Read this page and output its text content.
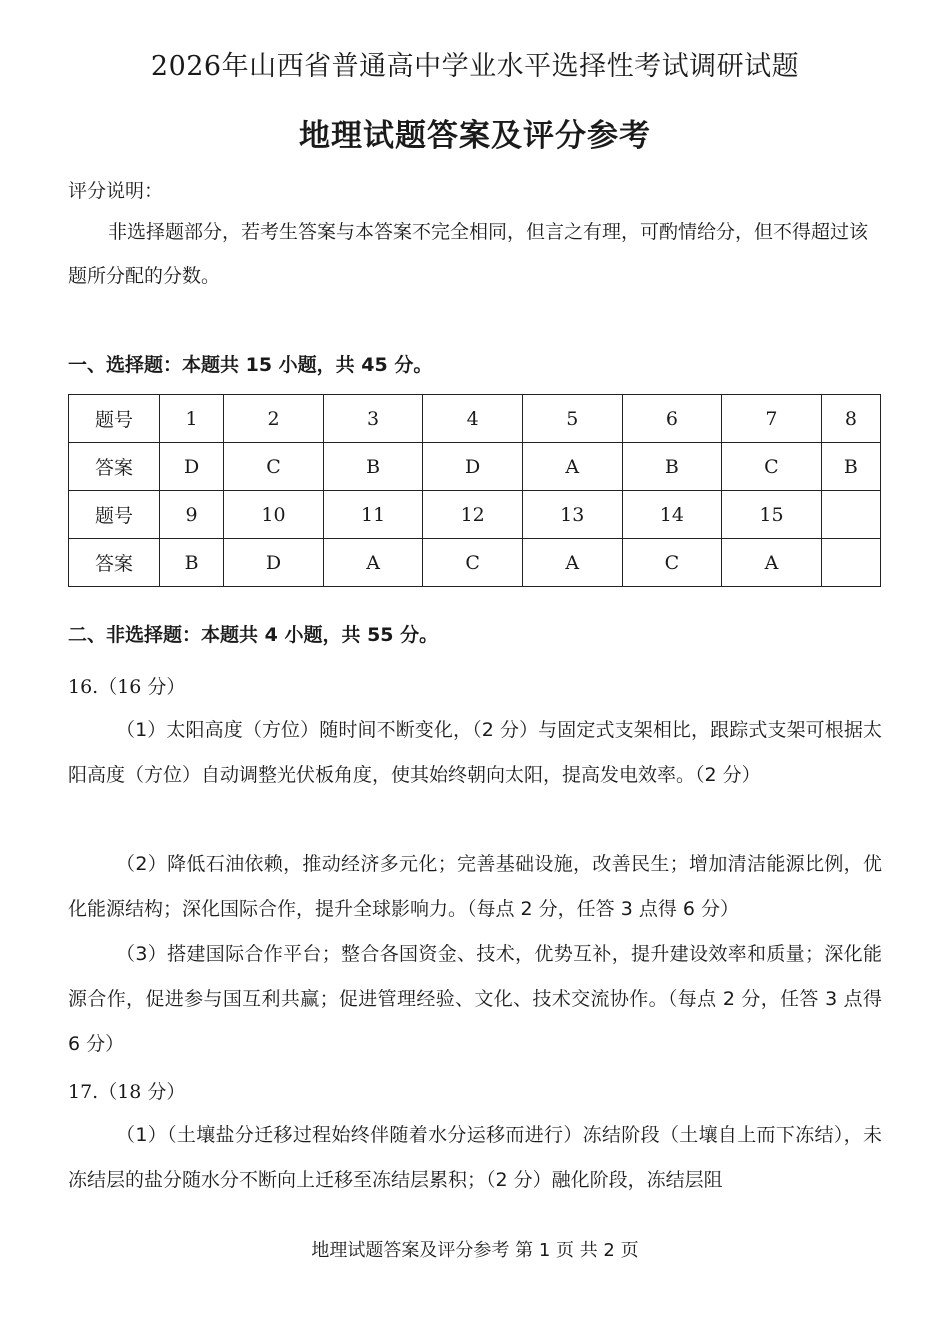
2026年山西省普通高中学业水平选择性考试调研试题
地理试题答案及评分参考
评分说明：
非选择题部分，若考生答案与本答案不完全相同，但言之有理，可酌情给分，但不得超过该题所分配的分数。
一、选择题：本题共 15 小题，共 45 分。
题号	1	2	3	4	5	6	7	8
答案	D	C	B	D	A	B	C	B
题号	9	10	11	12	13	14	15	
答案	B	D	A	C	A	C	A	
二、非选择题：本题共 4 小题，共 55 分。
16.（16 分）
（1）太阳高度（方位）随时间不断变化，（2 分）与固定式支架相比，跟踪式支架可根据太阳高度（方位）自动调整光伏板角度，使其始终朝向太阳，提高发电效率。（2 分）
（2）降低石油依赖，推动经济多元化；完善基础设施，改善民生；增加清洁能源比例，优化能源结构；深化国际合作，提升全球影响力。（每点 2 分，任答 3 点得 6 分）
（3）搭建国际合作平台；整合各国资金、技术，优势互补，提升建设效率和质量；深化能源合作，促进参与国互利共赢；促进管理经验、文化、技术交流协作。（每点 2 分，任答 3 点得 6 分）
17.（18 分）
（1）（土壤盐分迁移过程始终伴随着水分运移而进行）冻结阶段（土壤自上而下冻结），未冻结层的盐分随水分不断向上迁移至冻结层累积；（2 分）融化阶段，冻结层阻
地理试题答案及评分参考 第 1 页 共 2 页
